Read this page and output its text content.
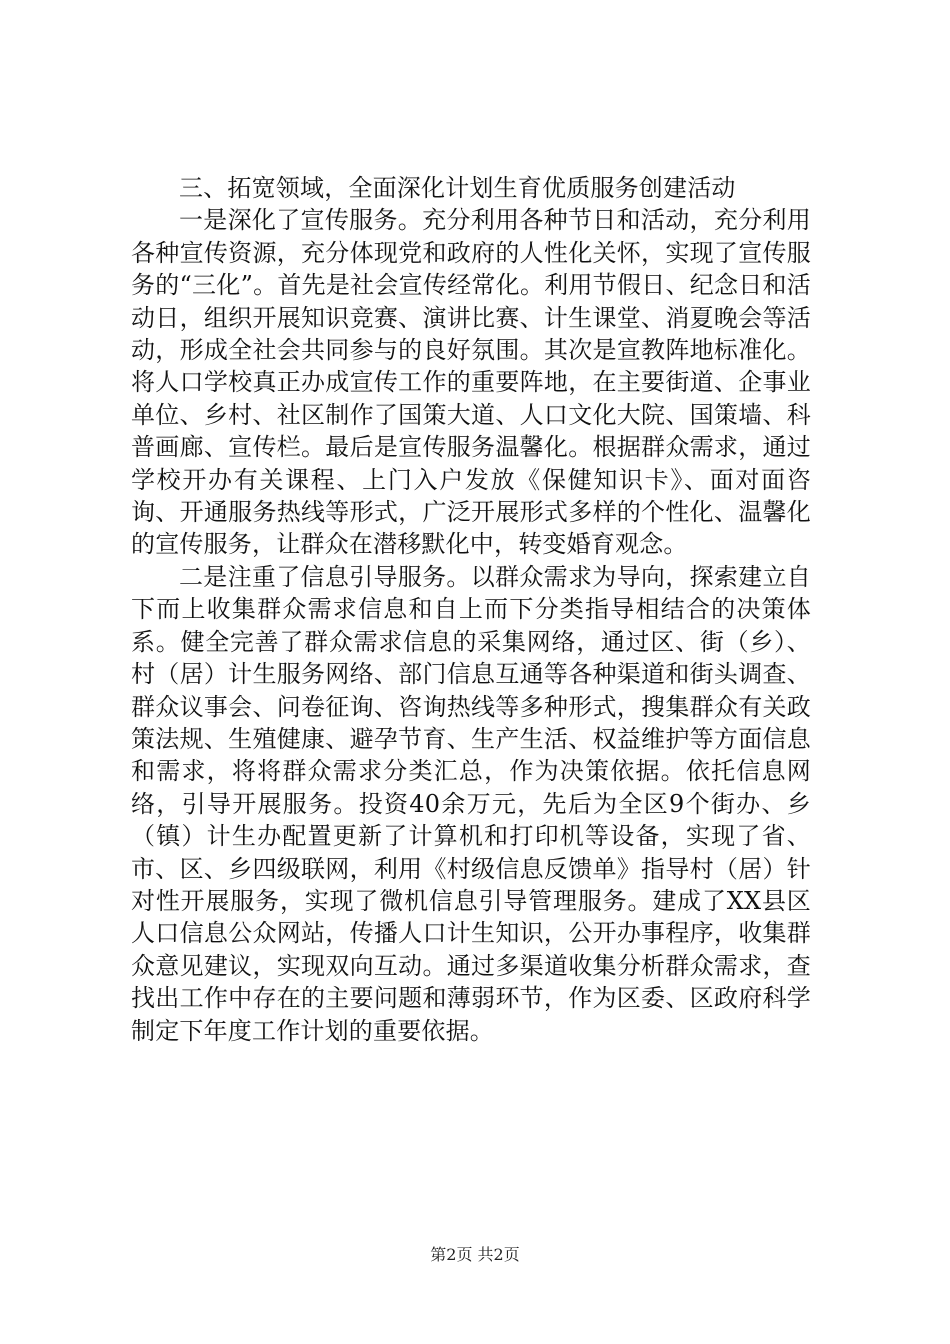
三、拓宽领域，全面深化计划生育优质服务创建活动

一是深化了宣传服务。充分利用各种节日和活动，充分利用各种宣传资源，充分体现党和政府的人性化关怀，实现了宣传服务的“三化”。首先是社会宣传经常化。利用节假日、纪念日和活动日，组织开展知识竞赛、演讲比赛、计生课堂、消夏晚会等活动，形成全社会共同参与的良好氛围。其次是宣教阵地标准化。将人口学校真正办成宣传工作的重要阵地，在主要街道、企事业单位、乡村、社区制作了国策大道、人口文化大院、国策墙、科普画廊、宣传栏。最后是宣传服务温馨化。根据群众需求，通过学校开办有关课程、上门入户发放《保健知识卡》、面对面咨询、开通服务热线等形式，广泛开展形式多样的个性化、温馨化的宣传服务，让群众在潜移默化中，转变婚育观念。

二是注重了信息引导服务。以群众需求为导向，探索建立自下而上收集群众需求信息和自上而下分类指导相结合的决策体系。健全完善了群众需求信息的采集网络，通过区、街（乡）、村（居）计生服务网络、部门信息互通等各种渠道和街头调查、群众议事会、问卷征询、咨询热线等多种形式，搜集群众有关政策法规、生殖健康、避孕节育、生产生活、权益维护等方面信息和需求，将将群众需求分类汇总，作为决策依据。依托信息网络，引导开展服务。投资40余万元，先后为全区9个街办、乡（镇）计生办配置更新了计算机和打印机等设备，实现了省、市、区、乡四级联网，利用《村级信息反馈单》指导村（居）针对性开展服务，实现了微机信息引导管理服务。建成了XX县区人口信息公众网站，传播人口计生知识，公开办事程序，收集群众意见建议，实现双向互动。通过多渠道收集分析群众需求，查找出工作中存在的主要问题和薄弱环节，作为区委、区政府科学制定下年度工作计划的重要依据。

第2页 共2页
